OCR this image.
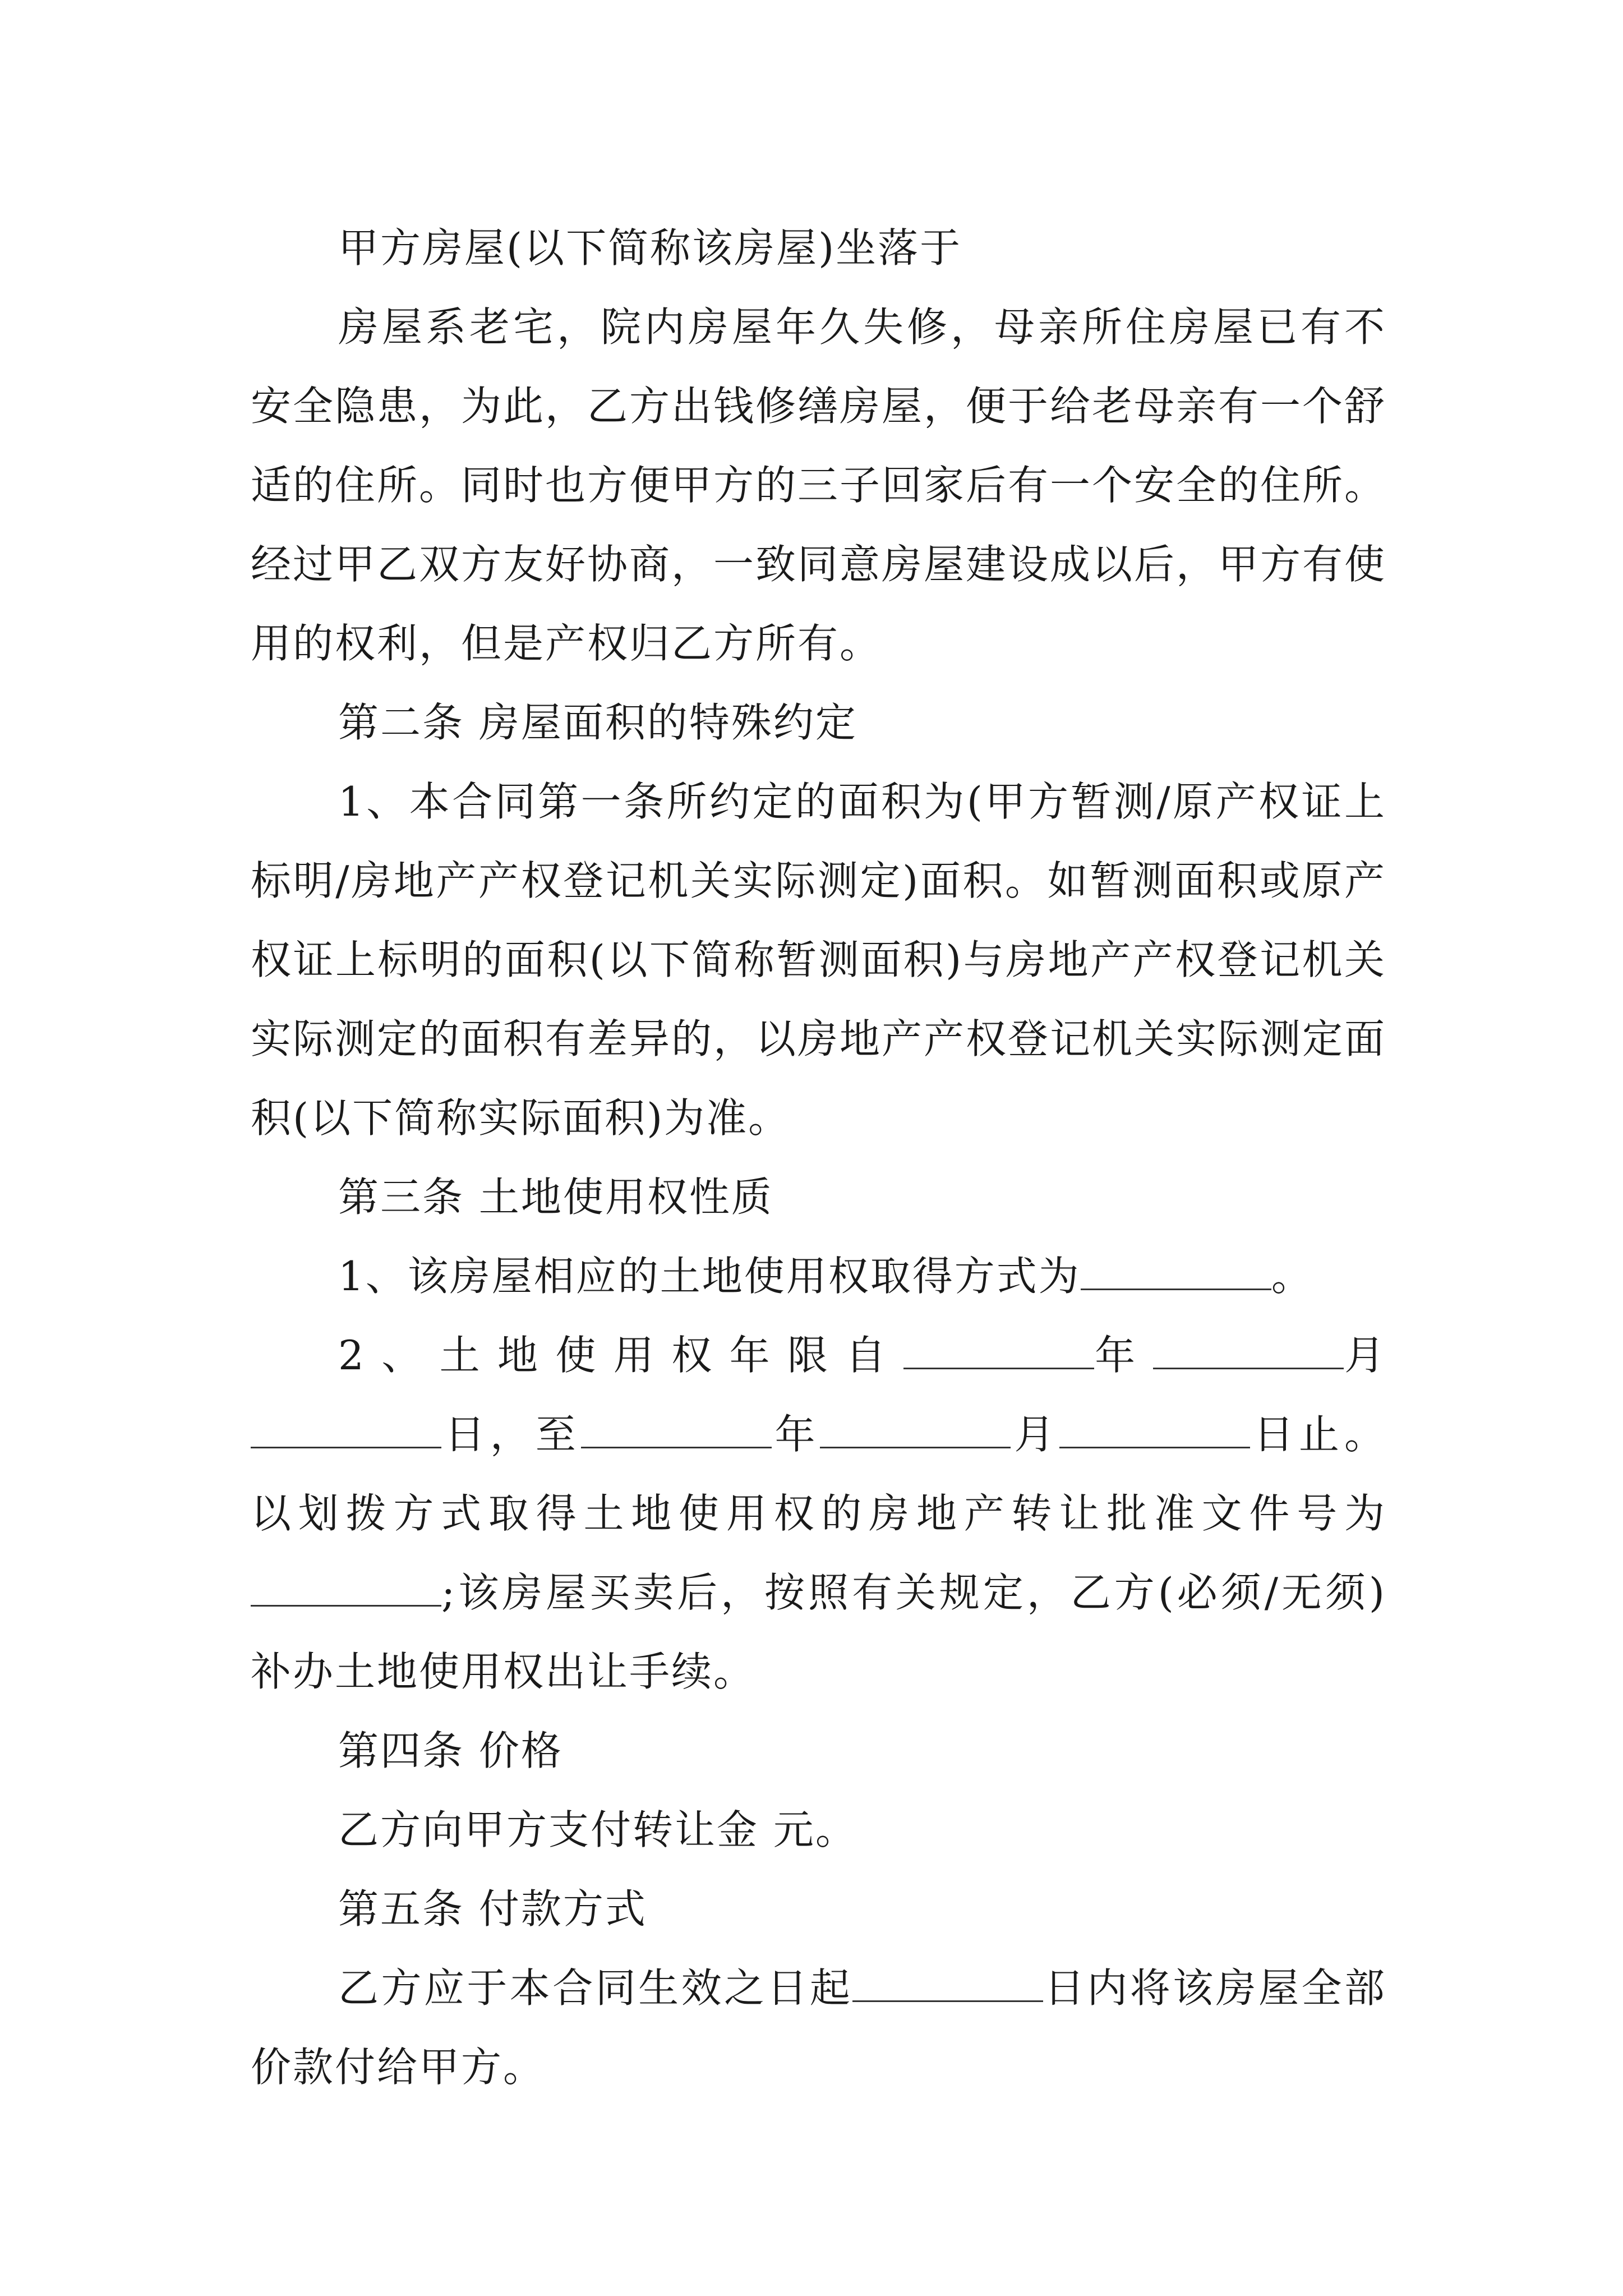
甲方房屋(以下简称该房屋)坐落于

房屋系老宅，院内房屋年久失修，母亲所住房屋已有不安全隐患，为此，乙方出钱修缮房屋，便于给老母亲有一个舒适的住所。同时也方便甲方的三子回家后有一个安全的住所。经过甲乙双方友好协商，一致同意房屋建设成以后，甲方有使用的权利，但是产权归乙方所有。

第二条 房屋面积的特殊约定

1、本合同第一条所约定的面积为(甲方暂测/原产权证上标明/房地产产权登记机关实际测定)面积。如暂测面积或原产权证上标明的面积(以下简称暂测面积)与房地产产权登记机关实际测定的面积有差异的，以房地产产权登记机关实际测定面积(以下简称实际面积)为准。

第三条 土地使用权性质

1、该房屋相应的土地使用权取得方式为	。

2、土地使用权年限自	年	月日，至	年	月	日止。以划拨方式取得土地使用权的房地产转让批准文件号为;该房屋买卖后，按照有关规定，乙方(必须/无须)补办土地使用权出让手续。

第四条 价格

乙方向甲方支付转让金 元。

第五条 付款方式

乙方应于本合同生效之日起	日内将该房屋全部价款付给甲方。
